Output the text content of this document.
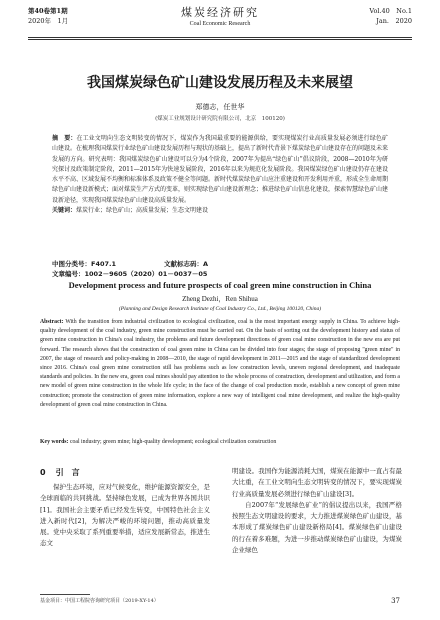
第40卷第1期
2020年　1月
煤炭经济研究
Coal Economic Research
Vol.40　No.1
Jan.　2020
我国煤炭绿色矿山建设发展历程及未来展望
郑德志，任世华
(煤炭工业规划设计研究院有限公司，北京　100120)
摘　要：在工业文明向生态文明转变的情况下，煤炭作为我国最重要的能源供给，要实现煤炭行业高质量发展必须进行绿色矿山建设。在梳理我国煤炭行业绿色矿山建设发展历程与现状的基础上，提出了新时代背景下煤炭绿色矿山建设存在的问题及未来发展的方向。研究表明：我国煤炭绿色矿山建设可以分为4个阶段，2007年为提出“绿色矿山”倡议阶段，2008—2010年为研究探讨及政策制定阶段，2011—2015年为快速发展阶段，2016年以来为规范化发展阶段。我国煤炭绿色矿山建设仍存在建设水平不高、区域发展不均衡和标准体系及政策不健全等问题。新时代煤炭绿色矿山应注重建设和开发利用并重，形成全生命周期绿色矿山建设新模式；面对煤炭生产方式的变革，则实现绿色矿山建设新理念；推进绿色矿山信息化建设，探索智慧绿色矿山建设新途径，实现我国煤炭绿色矿山建设高质量发展。
关键词：煤炭行业；绿色矿山；高质量发展；生态文明建设
中图分类号：F407.1	文献标志码：A文章编号：1002－9605（2020）01－0037－05
Development process and future prospects of coal green mine construction in China
Zheng Dezhi，Ren Shihua
(Planning and Design Research Institute of Coal Industry Co., Ltd., Beijing 100120, China)
Abstract: With the transition from industrial civilization to ecological civilization, coal is the most important energy supply in China. To achieve high-quality development of the coal industry, green mine construction must be carried out. On the basis of sorting out the development history and status of green mine construction in China's coal industry, the problems and future development directions of green coal mine construction in the new era are put forward. The research shows that the construction of coal green mine in China can be divided into four stages; the stage of proposing "green mine" in 2007, the stage of research and policy-making in 2008—2010, the stage of rapid development in 2011—2015 and the stage of standardized development since 2016. China's coal green mine construction still has problems such as low construction levels, uneven regional development, and inadequate standards and policies. In the new era, green coal mines should pay attention to the whole process of construction, development and utilization, and form a new model of green mine construction in the whole life cycle; in the face of the change of coal production mode, establish a new concept of green mine construction; promote the construction of green mine information, explore a new way of intelligent coal mine development, and realize the high-quality development of green coal mine construction in China.
Key words: coal industry; green mine; high-quality development; ecological civilization construction
0 引　言

保护生态环境，应对气候变化，维护能源资源安全，是全球面临的共同挑战。坚持绿色发展，已成为世界各国共识[1]。我国社会主要矛盾已经发生转变，中国特色社会主义进入新时代[2]，为解决严峻的环境问题，推动高质量发展。党中央采取了系列重要举措，适应发展新常态，推进生态文

明建设。我国作为能源消耗大国，煤炭在能源中一直占有最大比重，在工业文明向生态文明转变的情况下，要实现煤炭行业高质量发展必须进行绿色矿山建设[3]。

自2007年“发展绿色矿业”的倡议提出以来，我国严格按照生态文明建设的要求，大力推进煤炭绿色矿山建设，基本形成了煤炭绿色矿山建设新格局[4]。煤炭绿色矿山建设的行在着多难题，为进一步推动煤炭绿色矿山建设，为煤炭企业绿色

基金项目：中国工程院咨询研究项目（2019-XY-14）	37
